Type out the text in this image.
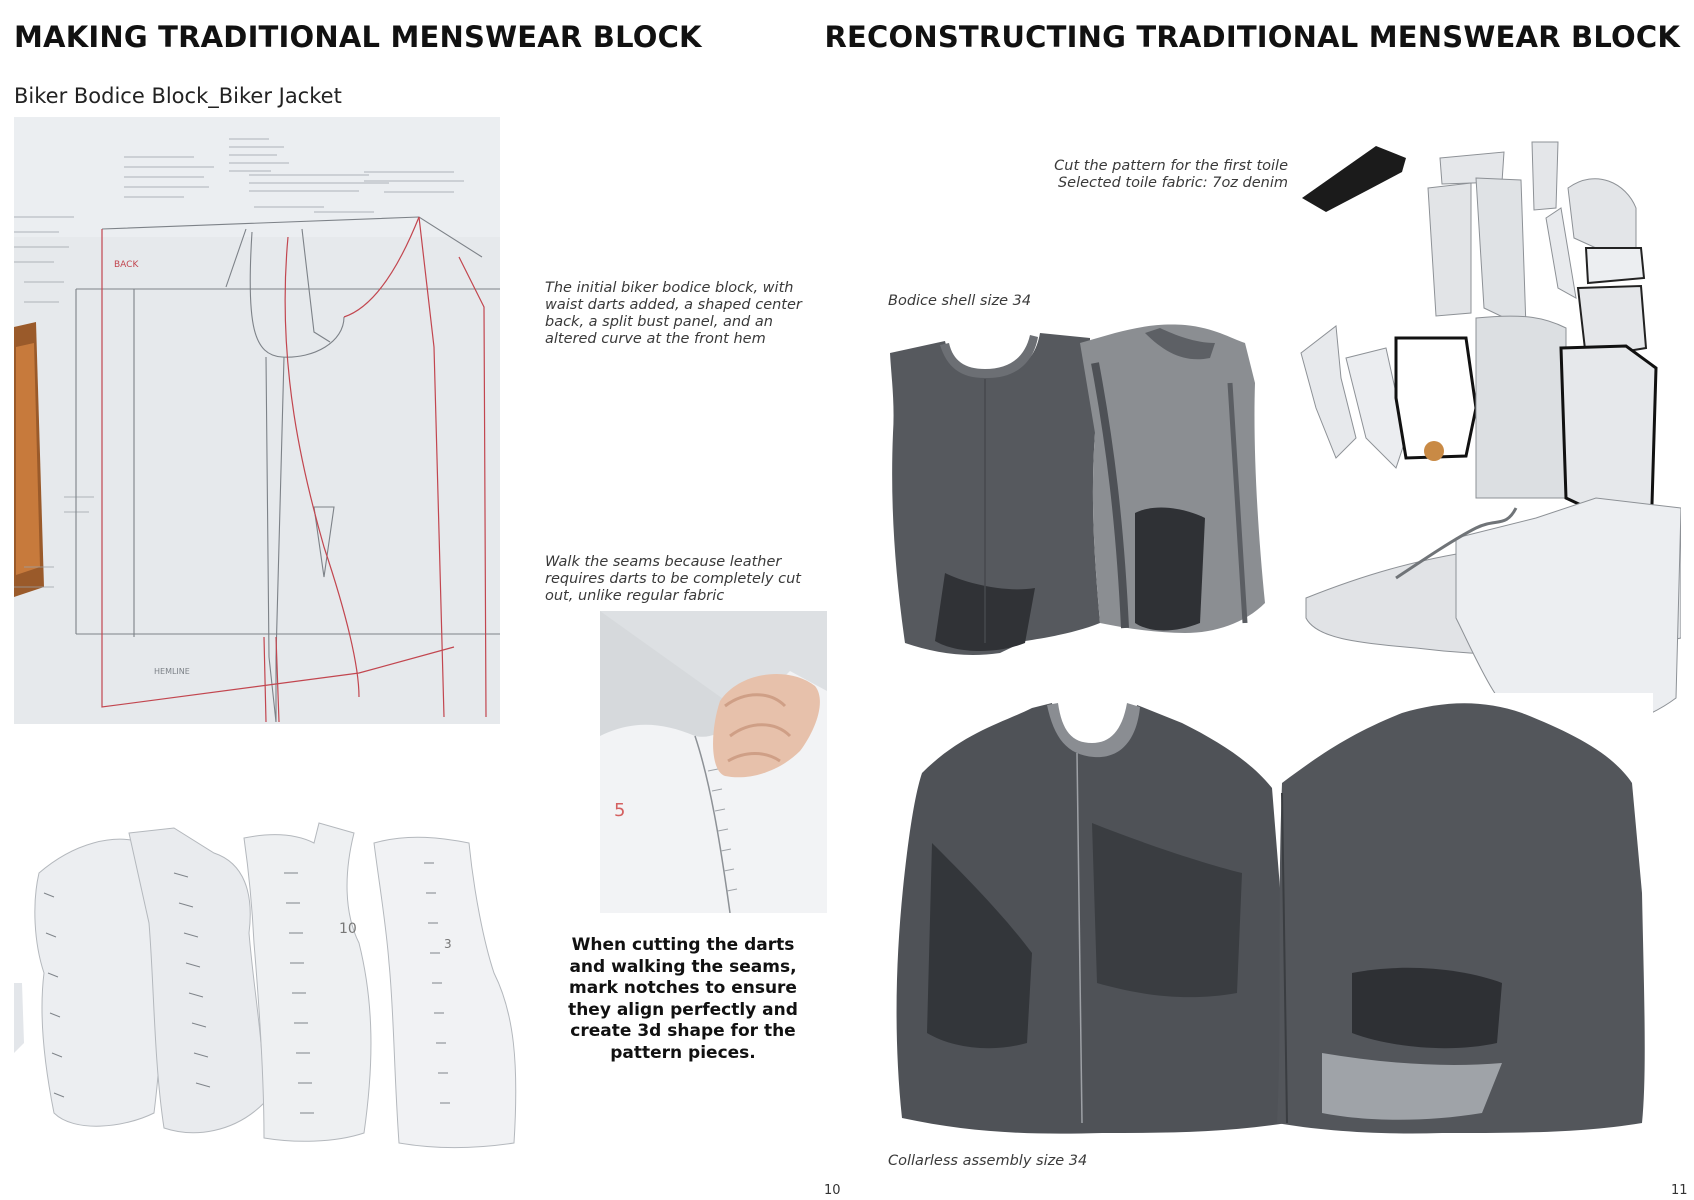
MAKING TRADITIONAL MENSWEAR BLOCK
Biker Bodice Block_Biker Jacket
BACK
HEMLINE
The initial biker bodice block, with waist darts added, a shaped center back, a split bust panel, and an altered curve at the front hem
Walk the seams because leather requires darts to be completely cut out, unlike regular fabric
5
When cutting the darts and walking the seams, mark notches to ensure they align perfectly and create 3d shape for the pattern pieces.
10
3
10
RECONSTRUCTING TRADITIONAL MENSWEAR BLOCK
Cut the pattern for the first toile
Selected toile fabric: 7oz denim
Bodice shell size 34
Collarless assembly size 34
11
